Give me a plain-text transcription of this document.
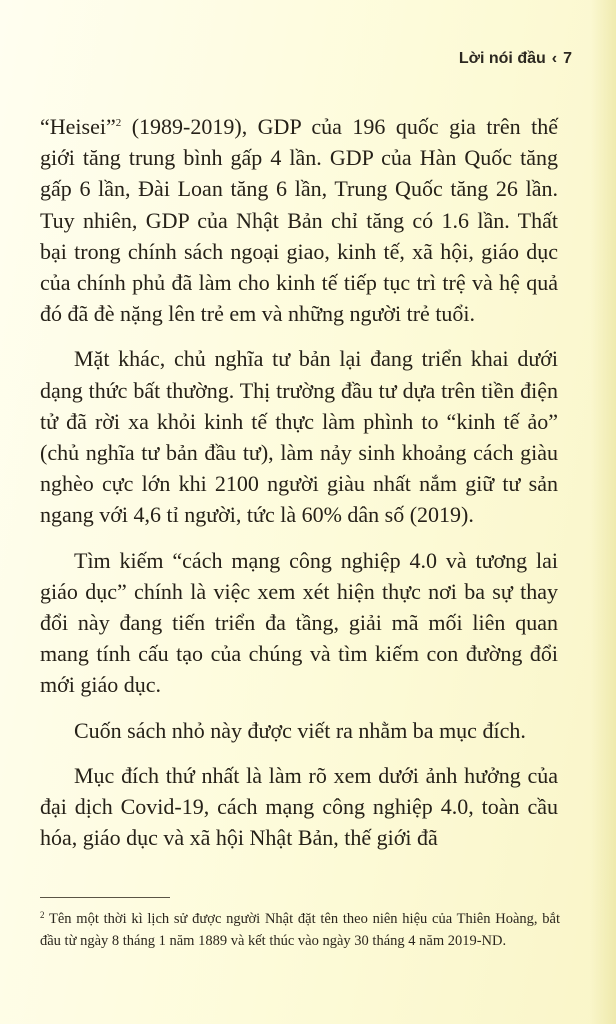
Lời nói đầu ‹ 7

“Heisei”$^2$ (1989-2019), GDP của 196 quốc gia trên thế giới tăng trung bình gấp 4 lần. GDP của Hàn Quốc tăng gấp 6 lần, Đài Loan tăng 6 lần, Trung Quốc tăng 26 lần. Tuy nhiên, GDP của Nhật Bản chỉ tăng có 1.6 lần. Thất bại trong chính sách ngoại giao, kinh tế, xã hội, giáo dục của chính phủ đã làm cho kinh tế tiếp tục trì trệ và hệ quả đó đã đè nặng lên trẻ em và những người trẻ tuổi.

Mặt khác, chủ nghĩa tư bản lại đang triển khai dưới dạng thức bất thường. Thị trường đầu tư dựa trên tiền điện tử đã rời xa khỏi kinh tế thực làm phình to “kinh tế ảo” (chủ nghĩa tư bản đầu tư), làm nảy sinh khoảng cách giàu nghèo cực lớn khi 2100 người giàu nhất nắm giữ tư sản ngang với 4,6 tỉ người, tức là 60% dân số (2019).

Tìm kiếm “cách mạng công nghiệp 4.0 và tương lai giáo dục” chính là việc xem xét hiện thực nơi ba sự thay đổi này đang tiến triển đa tầng, giải mã mối liên quan mang tính cấu tạo của chúng và tìm kiếm con đường đổi mới giáo dục.

Cuốn sách nhỏ này được viết ra nhằm ba mục đích.

Mục đích thứ nhất là làm rõ xem dưới ảnh hưởng của đại dịch Covid-19, cách mạng công nghiệp 4.0, toàn cầu hóa, giáo dục và xã hội Nhật Bản, thế giới đã

$^2$ Tên một thời kì lịch sử được người Nhật đặt tên theo niên hiệu của Thiên Hoàng, bắt đầu từ ngày 8 tháng 1 năm 1889 và kết thúc vào ngày 30 tháng 4 năm 2019-ND.
